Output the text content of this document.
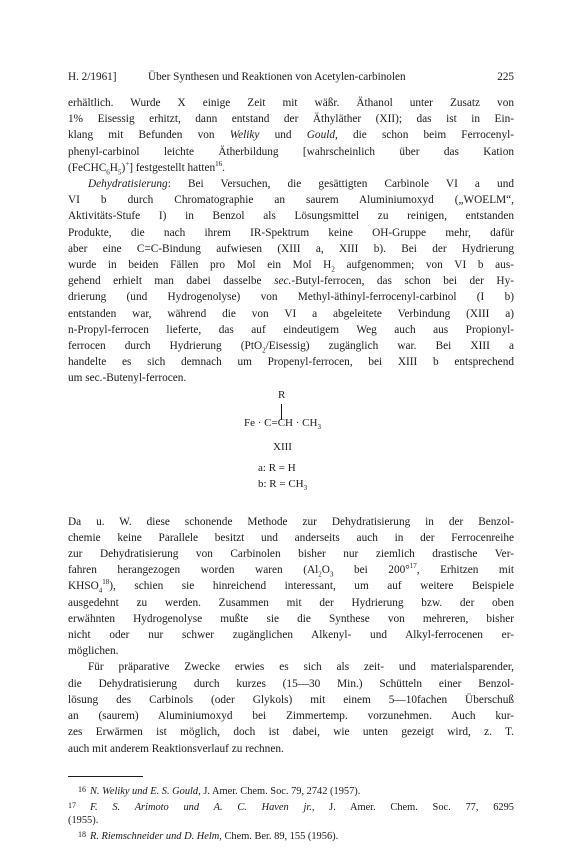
H. 2/1961]	Über Synthesen und Reaktionen von Acetylen-carbinolen	225
erhältlich. Wurde X einige Zeit mit wäßr. Äthanol unter Zusatz von
1% Eisessig erhitzt, dann entstand der Äthyläther (XII); das ist in Ein-
klang mit Befunden von Weliky und Gould, die schon beim Ferrocenyl-
phenyl-carbinol leichte Ätherbildung [wahrscheinlich über das Kation
$(FeCHC_6H_5)^+$] festgestellt hatten$^{16}$.
Dehydratisierung: Bei Versuchen, die gesättigten Carbinole VI a und
VI b durch Chromatographie an saurem Aluminiumoxyd („WOELM“,
Aktivitäts-Stufe I) in Benzol als Lösungsmittel zu reinigen, entstanden
Produkte, die nach ihrem IR-Spektrum keine OH-Gruppe mehr, dafür
aber eine C=C-Bindung aufwiesen (XIII a, XIII b). Bei der Hydrierung
wurde in beiden Fällen pro Mol ein Mol $H_2$ aufgenommen; von VI b aus-
gehend erhielt man dabei dasselbe sec.-Butyl-ferrocen, das schon bei der Hy-
drierung (und Hydrogenolyse) von Methyl-äthinyl-ferrocenyl-carbinol (I b)
entstanden war, während die von VI a abgeleitete Verbindung (XIII a)
n-Propyl-ferrocen lieferte, das auf eindeutigem Weg auch aus Propionyl-
ferrocen durch Hydrierung (PtO$_2$/Eisessig) zugänglich war. Bei XIII a
handelte es sich demnach um Propenyl-ferrocen, bei XIII b entsprechend
um sec.-Butenyl-ferrocen.
R
$Fe \cdot C=CH \cdot CH_3$
XIII
a: R = H
b: $R = CH_3$
Da u. W. diese schonende Methode zur Dehydratisierung in der Benzol-
chemie keine Parallele besitzt und anderseits auch in der Ferrocenreihe
zur Dehydratisierung von Carbinolen bisher nur ziemlich drastische Ver-
fahren herangezogen worden waren ($Al_2O_3$ bei 200°$^{17}$, Erhitzen mit
$KHSO_4^{18}$), schien sie hinreichend interessant, um auf weitere Beispiele
ausgedehnt zu werden. Zusammen mit der Hydrierung bzw. der oben
erwähnten Hydrogenolyse mußte sie die Synthese von mehreren, bisher
nicht oder nur schwer zugänglichen Alkenyl- und Alkyl-ferrocenen er-
möglichen.
Für präparative Zwecke erwies es sich als zeit- und materialsparender,
die Dehydratisierung durch kurzes (15—30 Min.) Schütteln einer Benzol-
lösung des Carbinols (oder Glykols) mit einem 5—10fachen Überschuß
an (saurem) Aluminiumoxyd bei Zimmertemp. vorzunehmen. Auch kur-
zes Erwärmen ist möglich, doch ist dabei, wie unten gezeigt wird, z. T.
auch mit anderem Reaktionsverlauf zu rechnen.
16 N. Weliky und E. S. Gould, J. Amer. Chem. Soc. 79, 2742 (1957).
17 F. S. Arimoto und A. C. Haven jr., J. Amer. Chem. Soc. 77, 6295
(1955).
18 R. Riemschneider und D. Helm, Chem. Ber. 89, 155 (1956).
